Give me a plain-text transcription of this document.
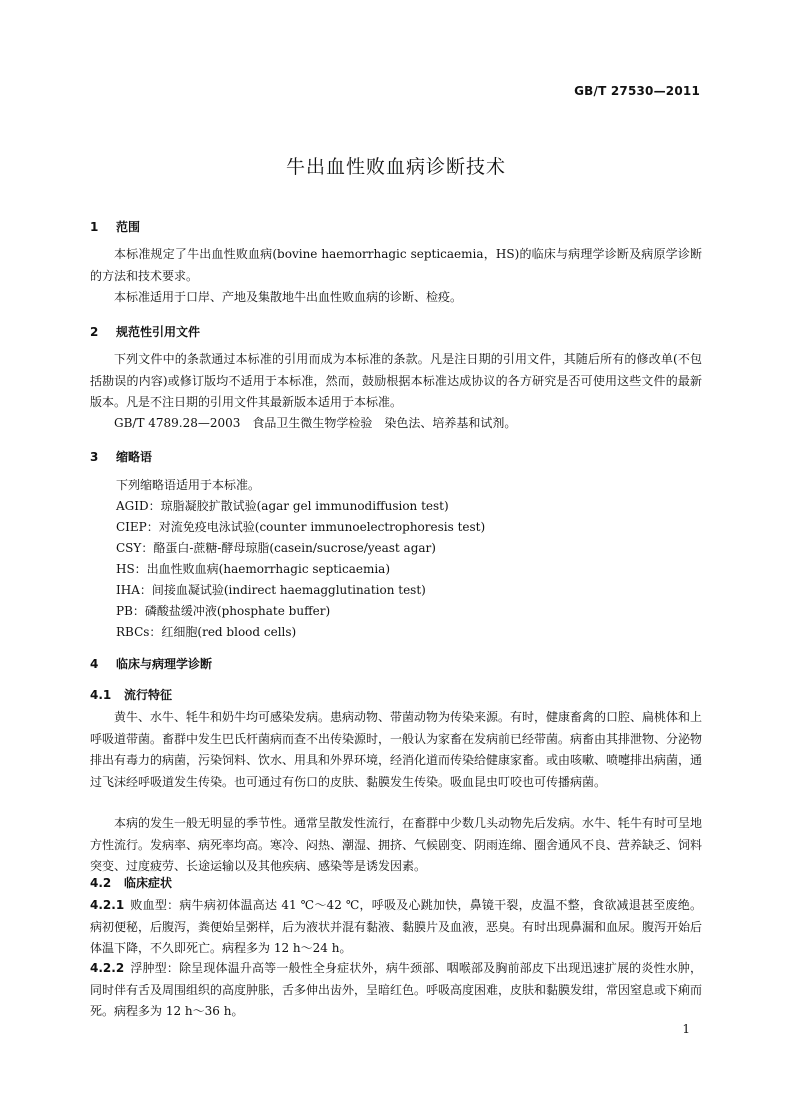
GB/T 27530—2011
牛出血性败血病诊断技术
1 范围
本标准规定了牛出血性败血病(bovine haemorrhagic septicaemia，HS)的临床与病理学诊断及病原学诊断的方法和技术要求。
本标准适用于口岸、产地及集散地牛出血性败血病的诊断、检疫。
2 规范性引用文件
下列文件中的条款通过本标准的引用而成为本标准的条款。凡是注日期的引用文件，其随后所有的修改单(不包括勘误的内容)或修订版均不适用于本标准，然而，鼓励根据本标准达成协议的各方研究是否可使用这些文件的最新版本。凡是不注日期的引用文件其最新版本适用于本标准。
GB/T 4789.28—2003　食品卫生微生物学检验　染色法、培养基和试剂。
3 缩略语
下列缩略语适用于本标准。
AGID：琼脂凝胶扩散试验(agar gel immunodiffusion test)
CIEP：对流免疫电泳试验(counter immunoelectrophoresis test)
CSY：酪蛋白-蔗糖-酵母琼脂(casein/sucrose/yeast agar)
HS：出血性败血病(haemorrhagic septicaemia)
IHA：间接血凝试验(indirect haemagglutination test)
PB：磷酸盐缓冲液(phosphate buffer)
RBCs：红细胞(red blood cells)
4 临床与病理学诊断
4.1 流行特征
黄牛、水牛、牦牛和奶牛均可感染发病。患病动物、带菌动物为传染来源。有时，健康畜禽的口腔、扁桃体和上呼吸道带菌。畜群中发生巴氏杆菌病而查不出传染源时，一般认为家畜在发病前已经带菌。病畜由其排泄物、分泌物排出有毒力的病菌，污染饲料、饮水、用具和外界环境，经消化道而传染给健康家畜。或由咳嗽、喷嚏排出病菌，通过飞沫经呼吸道发生传染。也可通过有伤口的皮肤、黏膜发生传染。吸血昆虫叮咬也可传播病菌。
本病的发生一般无明显的季节性。通常呈散发性流行，在畜群中少数几头动物先后发病。水牛、牦牛有时可呈地方性流行。发病率、病死率均高。寒冷、闷热、潮湿、拥挤、气候剧变、阴雨连绵、圈舍通风不良、营养缺乏、饲料突变、过度疲劳、长途运输以及其他疾病、感染等是诱发因素。
4.2 临床症状
4.2.1 败血型：病牛病初体温高达 41 ℃～42 ℃，呼吸及心跳加快，鼻镜干裂，皮温不整，食欲减退甚至废绝。病初便秘，后腹泻，粪便始呈粥样，后为液状并混有黏液、黏膜片及血液，恶臭。有时出现鼻漏和血尿。腹泻开始后体温下降，不久即死亡。病程多为 12 h～24 h。
4.2.2 浮肿型：除呈现体温升高等一般性全身症状外，病牛颈部、咽喉部及胸前部皮下出现迅速扩展的炎性水肿，同时伴有舌及周围组织的高度肿胀，舌多伸出齿外，呈暗红色。呼吸高度困难，皮肤和黏膜发绀，常因窒息或下痢而死。病程多为 12 h～36 h。
1
